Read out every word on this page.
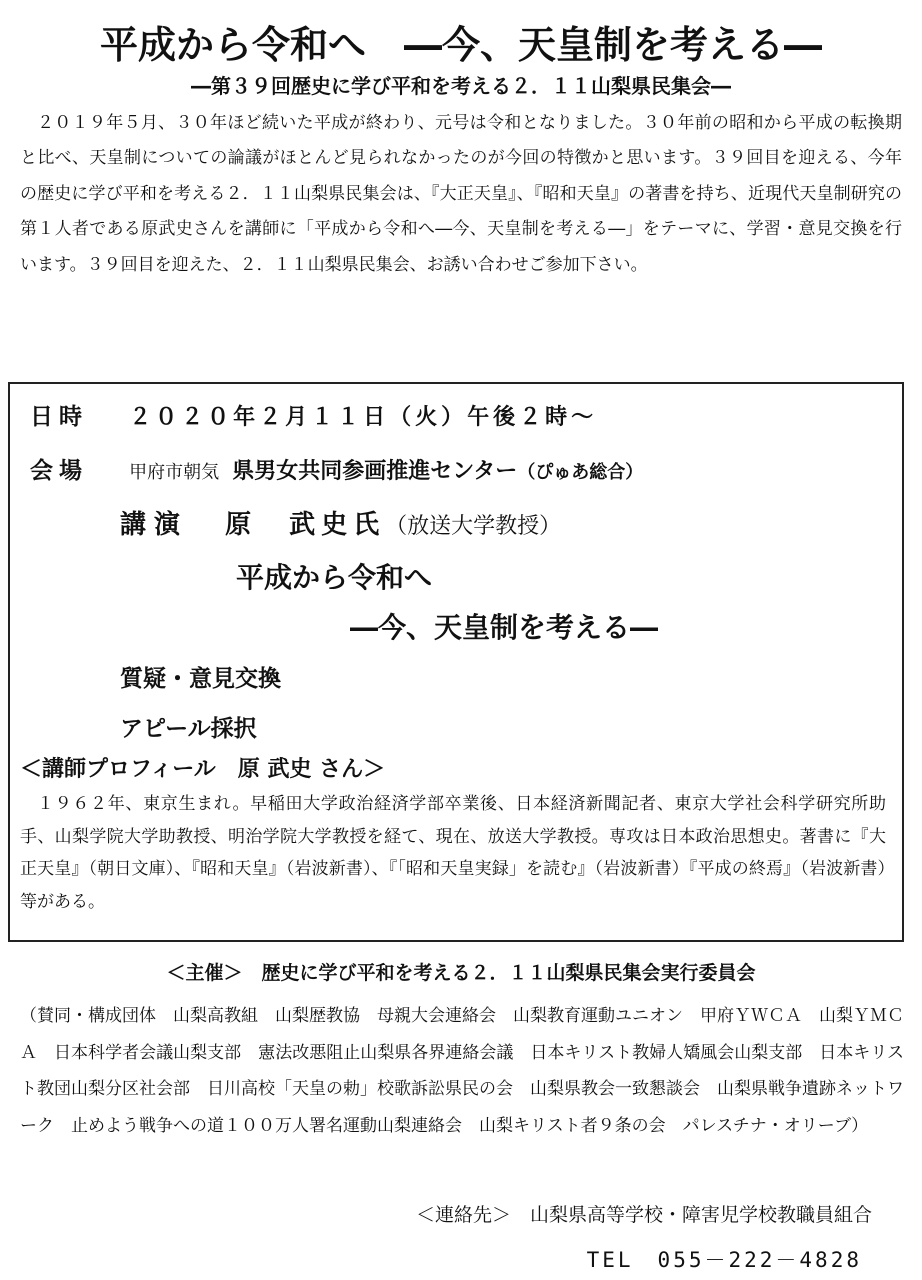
平成から令和へ　―今、天皇制を考える―
―第３９回歴史に学び平和を考える２．１１山梨県民集会―

２０１９年５月、３０年ほど続いた平成が終わり、元号は令和となりました。３０年前の昭和から平成の転換期と比べ、天皇制についての論議がほとんど見られなかったのが今回の特徴かと思います。３９回目を迎える、今年の歴史に学び平和を考える２．１１山梨県民集会は、『大正天皇』、『昭和天皇』の著書を持ち、近現代天皇制研究の第１人者である原武史さんを講師に「平成から令和へ―今、天皇制を考える―」をテーマに、学習・意見交換を行います。３９回目を迎えた、２．１１山梨県民集会、お誘い合わせご参加下さい。

日時 ２０２０年２月１１日（火）午後２時～
会場 甲府市朝気 県男女共同参画推進センター（ぴゅあ総合）
講演 原　武史氏（放送大学教授）
平成から令和へ
―今、天皇制を考える―
質疑・意見交換
アピール採択
＜講師プロフィール　原 武史 さん＞

１９６２年、東京生まれ。早稲田大学政治経済学部卒業後、日本経済新聞記者、東京大学社会科学研究所助手、山梨学院大学助教授、明治学院大学教授を経て、現在、放送大学教授。専攻は日本政治思想史。著書に『大正天皇』（朝日文庫）、『昭和天皇』（岩波新書）、『「昭和天皇実録」を読む』（岩波新書）『平成の終焉』（岩波新書）等がある。

＜主催＞　歴史に学び平和を考える２．１１山梨県民集会実行委員会

（賛同・構成団体　山梨高教組　山梨歴教協　母親大会連絡会　山梨教育運動ユニオン　甲府ＹＷＣＡ　山梨ＹＭＣＡ　日本科学者会議山梨支部　憲法改悪阻止山梨県各界連絡会議　日本キリスト教婦人矯風会山梨支部　日本キリスト教団山梨分区社会部　日川高校「天皇の勅」校歌訴訟県民の会　山梨県教会一致懇談会　山梨県戦争遺跡ネットワーク　止めよう戦争への道１００万人署名運動山梨連絡会　山梨キリスト者９条の会　パレスチナ・オリーブ）

＜連絡先＞　山梨県高等学校・障害児学校教職員組合
TEL　055－222－4828
